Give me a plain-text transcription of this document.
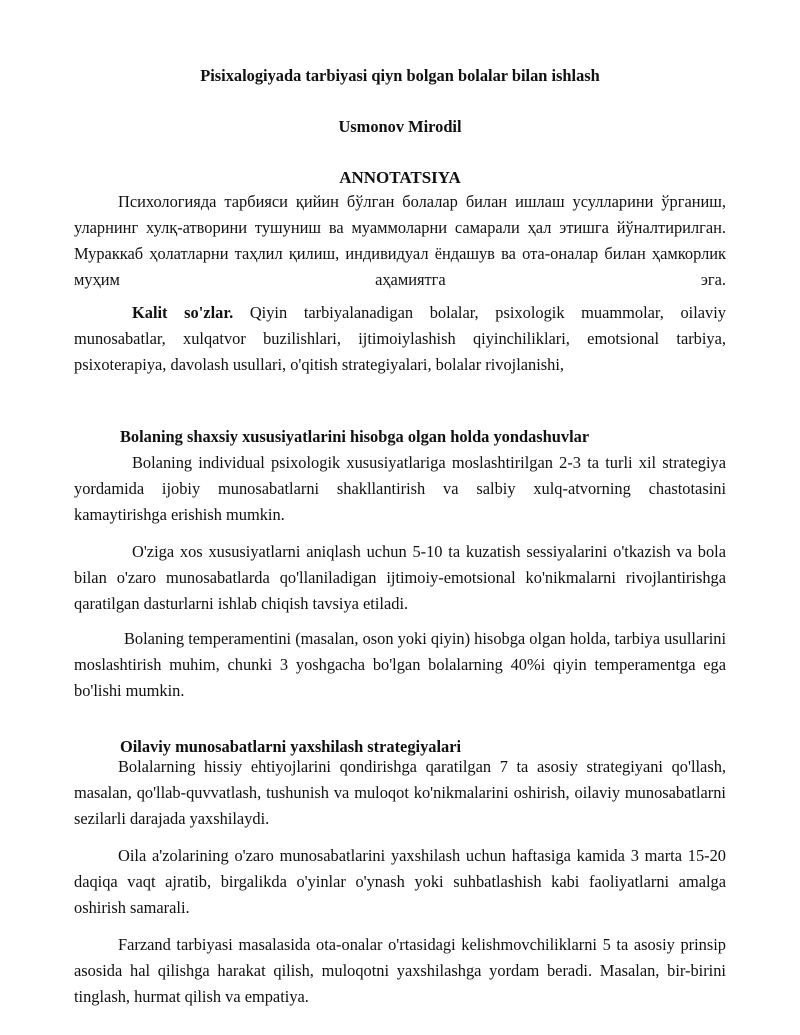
Pisixalogiyada tarbiyasi qiyn bolgan bolalar bilan ishlash
Usmonov Mirodil
ANNOTATSIYA

Психологияда тарбияси қийин бўлган болалар билан ишлаш усулларини ўрганиш, уларнинг хулқ-атворини тушуниш ва муаммоларни самарали ҳал этишга йўналтирилган. Мураккаб ҳолатларни таҳлил қилиш, индивидуал ёндашув ва ота-оналар билан ҳамкорлик муҳим аҳамиятга эга.

Kalit so'zlar. Qiyin tarbiyalanadigan bolalar, psixologik muammolar, oilaviy munosabatlar, xulqatvor buzilishlari, ijtimoiylashish qiyinchiliklari, emotsional tarbiya, psixoterapiya, davolash usullari, o'qitish strategiyalari, bolalar rivojlanishi,

Bolaning shaxsiy xususiyatlarini hisobga olgan holda yondashuvlar

Bolaning individual psixologik xususiyatlariga moslashtirilgan 2-3 ta turli xil strategiya yordamida ijobiy munosabatlarni shakllantirish va salbiy xulq-atvorning chastotasini kamaytirishga erishish mumkin.

O'ziga xos xususiyatlarni aniqlash uchun 5-10 ta kuzatish sessiyalarini o'tkazish va bola bilan o'zaro munosabatlarda qo'llaniladigan ijtimoiy-emotsional ko'nikmalarni rivojlantirishga qaratilgan dasturlarni ishlab chiqish tavsiya etiladi.

Bolaning temperamentini (masalan, oson yoki qiyin) hisobga olgan holda, tarbiya usullarini moslashtirish muhim, chunki 3 yoshgacha bo'lgan bolalarning 40%i qiyin temperamentga ega bo'lishi mumkin.

Oilaviy munosabatlarni yaxshilash strategiyalari

Bolalarning hissiy ehtiyojlarini qondirishga qaratilgan 7 ta asosiy strategiyani qo'llash, masalan, qo'llab-quvvatlash, tushunish va muloqot ko'nikmalarini oshirish, oilaviy munosabatlarni sezilarli darajada yaxshilaydi.

Oila a'zolarining o'zaro munosabatlarini yaxshilash uchun haftasiga kamida 3 marta 15-20 daqiqa vaqt ajratib, birgalikda o'yinlar o'ynash yoki suhbatlashish kabi faoliyatlarni amalga oshirish samarali.

Farzand tarbiyasi masalasida ota-onalar o'rtasidagi kelishmovchiliklarni 5 ta asosiy prinsip asosida hal qilishga harakat qilish, muloqotni yaxshilashga yordam beradi. Masalan, bir-birini tinglash, hurmat qilish va empatiya.
